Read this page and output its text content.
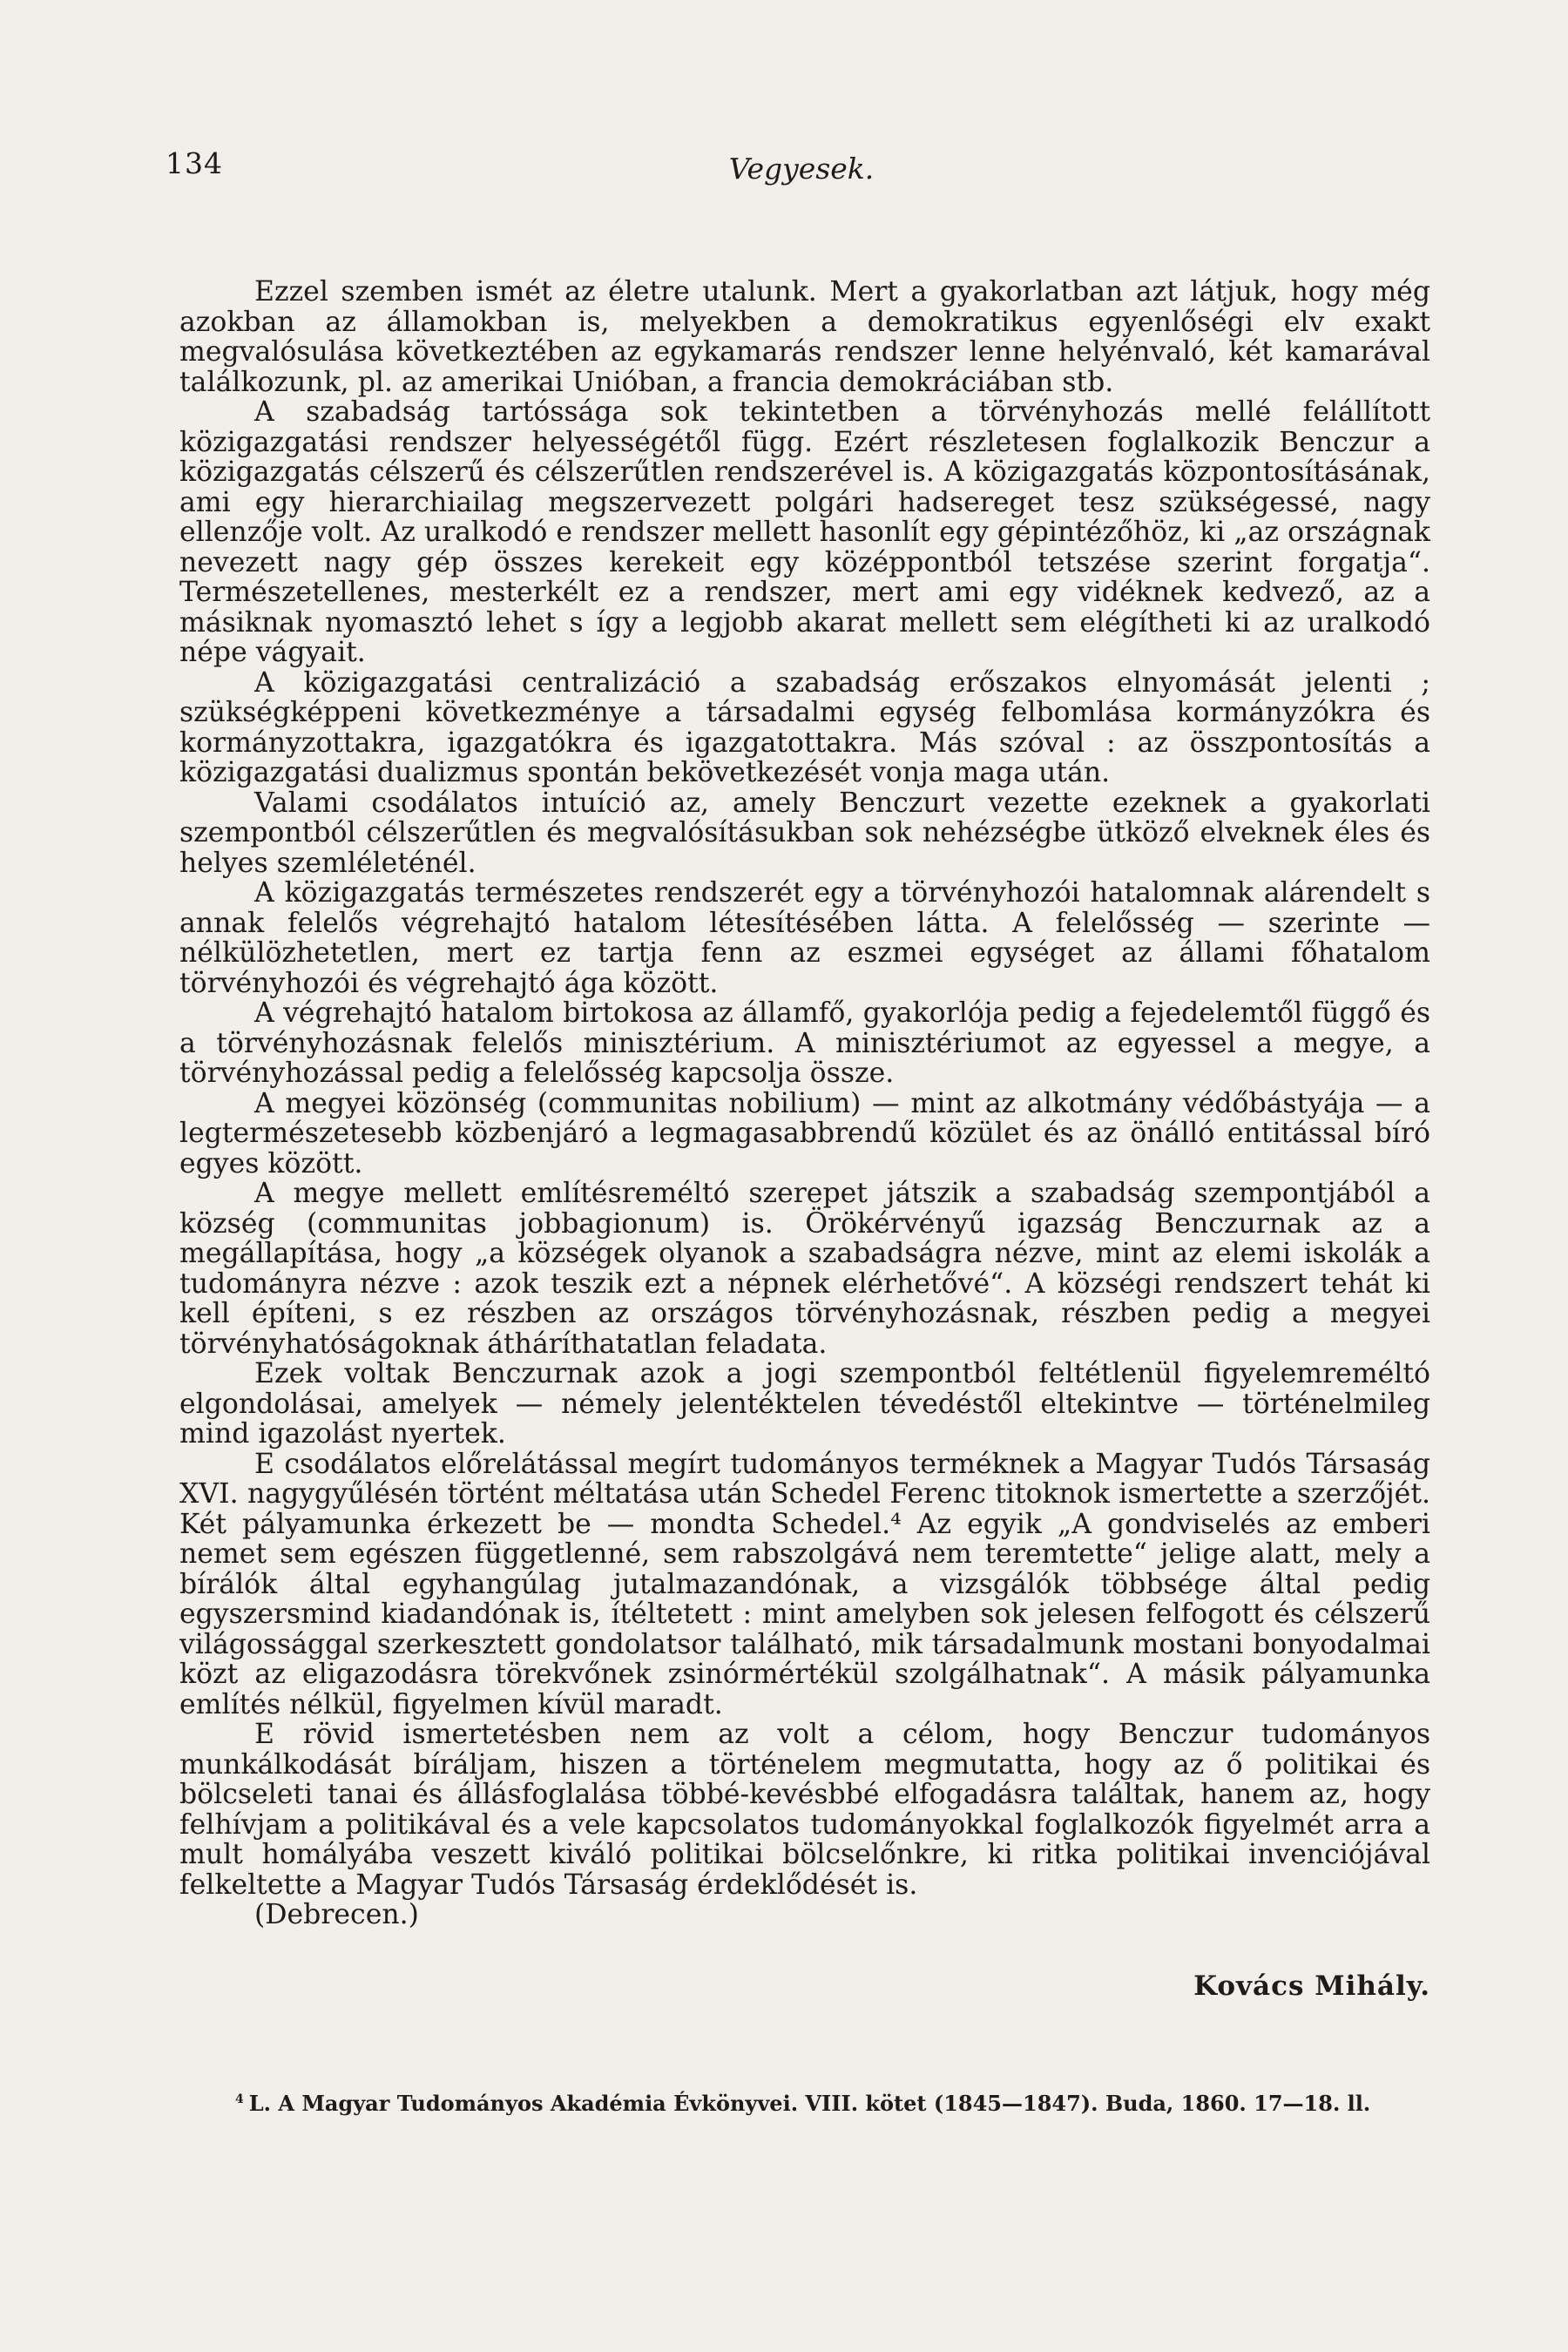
134	Vegyesek.

Ezzel szemben ismét az életre utalunk. Mert a gyakorlatban azt látjuk, hogy még azokban az államokban is, melyekben a demokratikus egyenlőségi elv exakt megvalósulása következtében az egykamarás rendszer lenne helyénvaló, két kamarával találkozunk, pl. az amerikai Unióban, a francia demokráciában stb.

A szabadság tartóssága sok tekintetben a törvényhozás mellé felállított közigazgatási rendszer helyességétől függ. Ezért részletesen foglalkozik Benczur a közigazgatás célszerű és célszerűtlen rendszerével is. A közigazgatás központosításának, ami egy hierarchiailag megszervezett polgári hadsereget tesz szükségessé, nagy ellenzője volt. Az uralkodó e rendszer mellett hasonlít egy gépintézőhöz, ki „az országnak nevezett nagy gép összes kerekeit egy középpontból tetszése szerint forgatja“. Természetellenes, mesterkélt ez a rendszer, mert ami egy vidéknek kedvező, az a másiknak nyomasztó lehet s így a legjobb akarat mellett sem elégítheti ki az uralkodó népe vágyait.

A közigazgatási centralizáció a szabadság erőszakos elnyomását jelenti ; szükségképpeni következménye a társadalmi egység felbomlása kormányzókra és kormányzottakra, igazgatókra és igazgatottakra. Más szóval : az összpontosítás a közigazgatási dualizmus spontán bekövetkezését vonja maga után.

Valami csodálatos intuíció az, amely Benczurt vezette ezeknek a gyakorlati szempontból célszerűtlen és megvalósításukban sok nehézségbe ütköző elveknek éles és helyes szemléleténél.

A közigazgatás természetes rendszerét egy a törvényhozói hatalomnak alárendelt s annak felelős végrehajtó hatalom létesítésében látta. A felelősség — szerinte — nélkülözhetetlen, mert ez tartja fenn az eszmei egységet az állami főhatalom törvényhozói és végrehajtó ága között.

A végrehajtó hatalom birtokosa az államfő, gyakorlója pedig a fejedelemtől függő és a törvényhozásnak felelős minisztérium. A minisztériumot az egyessel a megye, a törvényhozással pedig a felelősség kapcsolja össze.

A megyei közönség (communitas nobilium) — mint az alkotmány védőbástyája — a legtermészetesebb közbenjáró a legmagasabbrendű közület és az önálló entitással bíró egyes között.

A megye mellett említésreméltó szerepet játszik a szabadság szempontjából a község (communitas jobbagionum) is. Örökérvényű igazság Benczurnak az a megállapítása, hogy „a községek olyanok a szabadságra nézve, mint az elemi iskolák a tudományra nézve : azok teszik ezt a népnek elérhetővé“. A községi rendszert tehát ki kell építeni, s ez részben az országos törvényhozásnak, részben pedig a megyei törvényhatóságoknak átháríthatatlan feladata.

Ezek voltak Benczurnak azok a jogi szempontból feltétlenül figyelemreméltó elgondolásai, amelyek — némely jelentéktelen tévedéstől eltekintve — történelmileg mind igazolást nyertek.

E csodálatos előrelátással megírt tudományos terméknek a Magyar Tudós Társaság XVI. nagygyűlésén történt méltatása után Schedel Ferenc titoknok ismertette a szerzőjét. Két pályamunka érkezett be — mondta Schedel.⁴ Az egyik „A gondviselés az emberi nemet sem egészen függetlenné, sem rabszolgává nem teremtette“ jelige alatt, mely a bírálók által egyhangúlag jutalmazandónak, a vizsgálók többsége által pedig egyszersmind kiadandónak is, ítéltetett : mint amelyben sok jelesen felfogott és célszerű világossággal szerkesztett gondolatsor található, mik társadalmunk mostani bonyodalmai közt az eligazodásra törekvőnek zsinórmértékül szolgálhatnak“. A másik pályamunka említés nélkül, figyelmen kívül maradt.

E rövid ismertetésben nem az volt a célom, hogy Benczur tudományos munkálkodását bíráljam, hiszen a történelem megmutatta, hogy az ő politikai és bölcseleti tanai és állásfoglalása többé-kevésbbé elfogadásra találtak, hanem az, hogy felhívjam a politikával és a vele kapcsolatos tudományokkal foglalkozók figyelmét arra a mult homályába veszett kiváló politikai bölcselőnkre, ki ritka politikai invenciójával felkeltette a Magyar Tudós Társaság érdeklődését is.

(Debrecen.)

Kovács Mihály.
$^4$ L. A Magyar Tudományos Akadémia Évkönyvei. VIII. kötet (1845—1847). Buda, 1860. 17—18. ll.
